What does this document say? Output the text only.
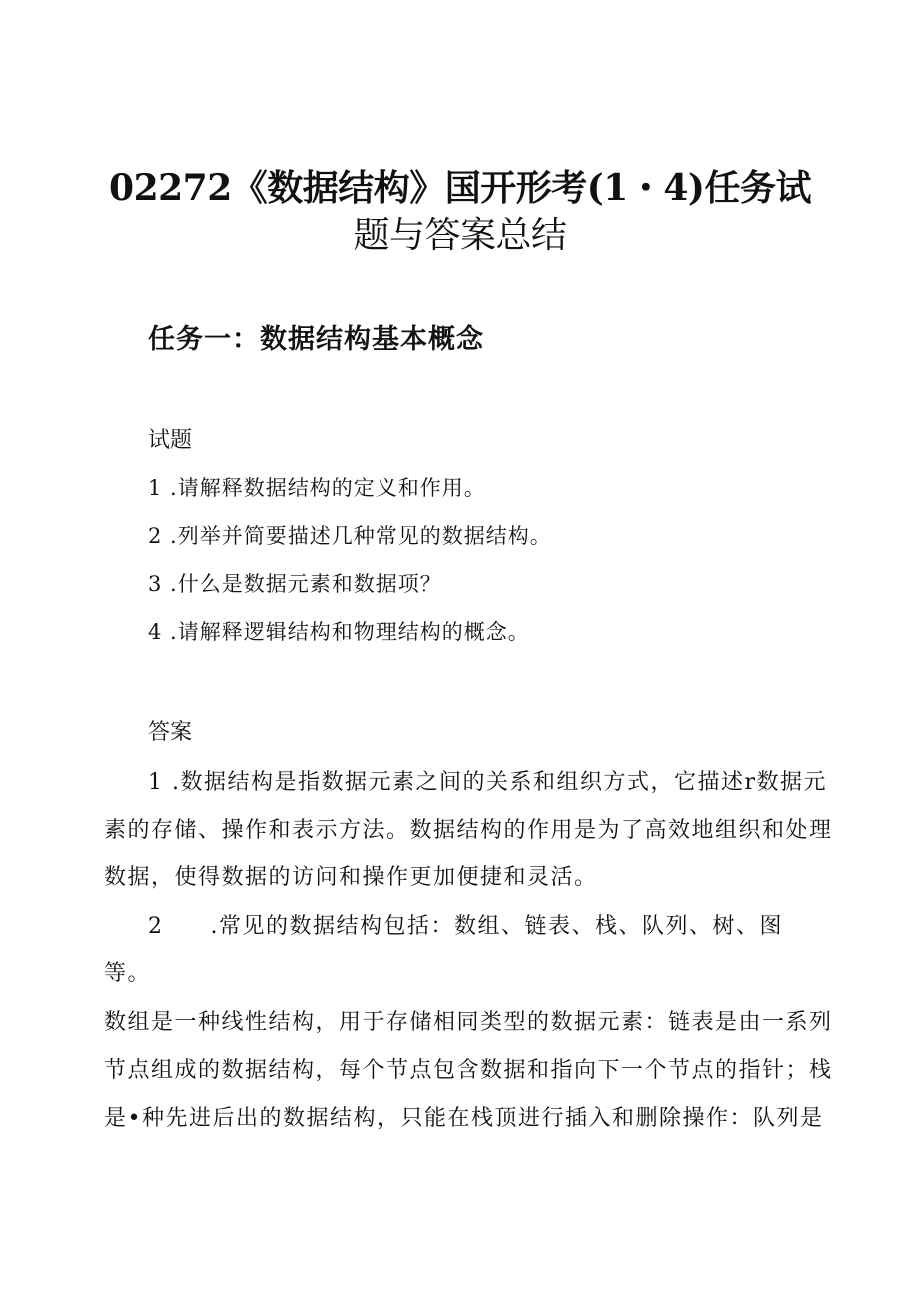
02272《数据结构》国开形考(1・4)任务试
题与答案总结
任务一：数据结构基本概念
试题

1 .请解释数据结构的定义和作用。

2 .列举并简要描述几种常见的数据结构。

3 .什么是数据元素和数据项？

4 .请解释逻辑结构和物理结构的概念。

答案

1 .数据结构是指数据元素之间的关系和组织方式，它描述r数据元

素的存储、操作和表示方法。数据结构的作用是为了高效地组织和处理

数据，使得数据的访问和操作更加便捷和灵活。

2　　.常见的数据结构包括：数组、链表、栈、队列、树、图

等。

数组是一种线性结构，用于存储相同类型的数据元素：链表是由一系列

节点组成的数据结构，每个节点包含数据和指向下一个节点的指针；栈

是•种先进后出的数据结构，只能在栈顶进行插入和删除操作：队列是
